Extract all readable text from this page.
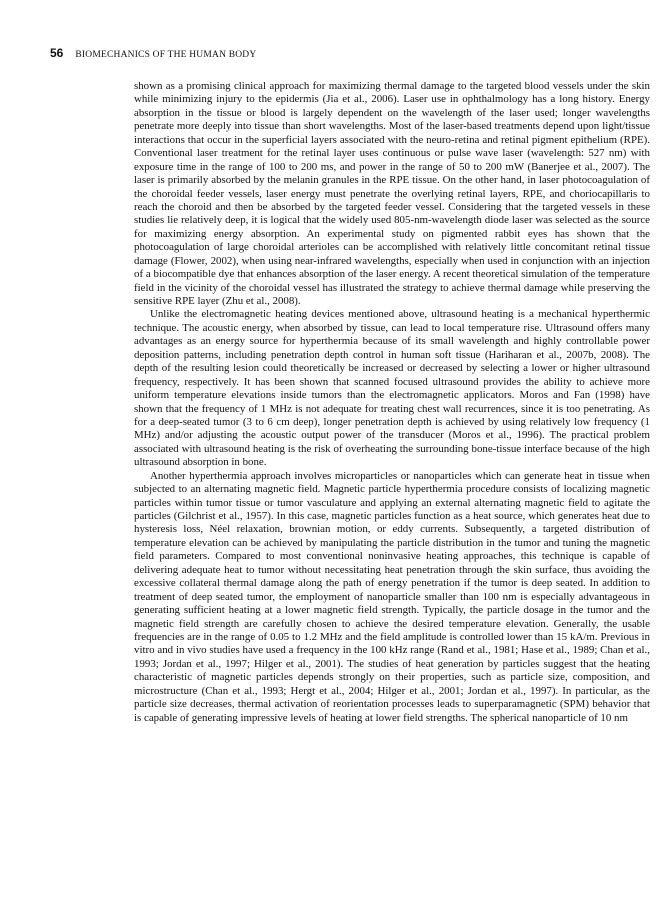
56 BIOMECHANICS OF THE HUMAN BODY

shown as a promising clinical approach for maximizing thermal damage to the targeted blood vessels under the skin while minimizing injury to the epidermis (Jia et al., 2006). Laser use in ophthalmology has a long history. Energy absorption in the tissue or blood is largely dependent on the wavelength of the laser used; longer wavelengths penetrate more deeply into tissue than short wavelengths. Most of the laser-based treatments depend upon light/tissue interactions that occur in the superficial layers associated with the neuro-retina and retinal pigment epithelium (RPE). Conventional laser treatment for the retinal layer uses continuous or pulse wave laser (wavelength: 527 nm) with exposure time in the range of 100 to 200 ms, and power in the range of 50 to 200 mW (Banerjee et al., 2007). The laser is primarily absorbed by the melanin granules in the RPE tissue. On the other hand, in laser photocoagulation of the choroidal feeder vessels, laser energy must penetrate the overlying retinal layers, RPE, and choriocapillaris to reach the choroid and then be absorbed by the targeted feeder vessel. Considering that the targeted vessels in these studies lie relatively deep, it is logical that the widely used 805-nm-wavelength diode laser was selected as the source for maximizing energy absorption. An experimental study on pigmented rabbit eyes has shown that the photocoagulation of large choroidal arterioles can be accomplished with relatively little concomitant retinal tissue damage (Flower, 2002), when using near-infrared wavelengths, especially when used in conjunction with an injection of a biocompatible dye that enhances absorption of the laser energy. A recent theoretical simulation of the temperature field in the vicinity of the choroidal vessel has illustrated the strategy to achieve thermal damage while preserving the sensitive RPE layer (Zhu et al., 2008).

Unlike the electromagnetic heating devices mentioned above, ultrasound heating is a mechanical hyperthermic technique. The acoustic energy, when absorbed by tissue, can lead to local temperature rise. Ultrasound offers many advantages as an energy source for hyperthermia because of its small wavelength and highly controllable power deposition patterns, including penetration depth control in human soft tissue (Hariharan et al., 2007b, 2008). The depth of the resulting lesion could theoretically be increased or decreased by selecting a lower or higher ultrasound frequency, respectively. It has been shown that scanned focused ultrasound provides the ability to achieve more uniform temperature elevations inside tumors than the electromagnetic applicators. Moros and Fan (1998) have shown that the frequency of 1 MHz is not adequate for treating chest wall recurrences, since it is too penetrating. As for a deep-seated tumor (3 to 6 cm deep), longer penetration depth is achieved by using relatively low frequency (1 MHz) and/or adjusting the acoustic output power of the transducer (Moros et al., 1996). The practical problem associated with ultrasound heating is the risk of overheating the surrounding bone-tissue interface because of the high ultrasound absorption in bone.

Another hyperthermia approach involves microparticles or nanoparticles which can generate heat in tissue when subjected to an alternating magnetic field. Magnetic particle hyperthermia procedure consists of localizing magnetic particles within tumor tissue or tumor vasculature and applying an external alternating magnetic field to agitate the particles (Gilchrist et al., 1957). In this case, magnetic particles function as a heat source, which generates heat due to hysteresis loss, Néel relaxation, brownian motion, or eddy currents. Subsequently, a targeted distribution of temperature elevation can be achieved by manipulating the particle distribution in the tumor and tuning the magnetic field parameters. Compared to most conventional noninvasive heating approaches, this technique is capable of delivering adequate heat to tumor without necessitating heat penetration through the skin surface, thus avoiding the excessive collateral thermal damage along the path of energy penetration if the tumor is deep seated. In addition to treatment of deep seated tumor, the employment of nanoparticle smaller than 100 nm is especially advantageous in generating sufficient heating at a lower magnetic field strength. Typically, the particle dosage in the tumor and the magnetic field strength are carefully chosen to achieve the desired temperature elevation. Generally, the usable frequencies are in the range of 0.05 to 1.2 MHz and the field amplitude is controlled lower than 15 kA/m. Previous in vitro and in vivo studies have used a frequency in the 100 kHz range (Rand et al., 1981; Hase et al., 1989; Chan et al., 1993; Jordan et al., 1997; Hilger et al., 2001). The studies of heat generation by particles suggest that the heating characteristic of magnetic particles depends strongly on their properties, such as particle size, composition, and microstructure (Chan et al., 1993; Hergt et al., 2004; Hilger et al., 2001; Jordan et al., 1997). In particular, as the particle size decreases, thermal activation of reorientation processes leads to superparamagnetic (SPM) behavior that is capable of generating impressive levels of heating at lower field strengths. The spherical nanoparticle of 10 nm
